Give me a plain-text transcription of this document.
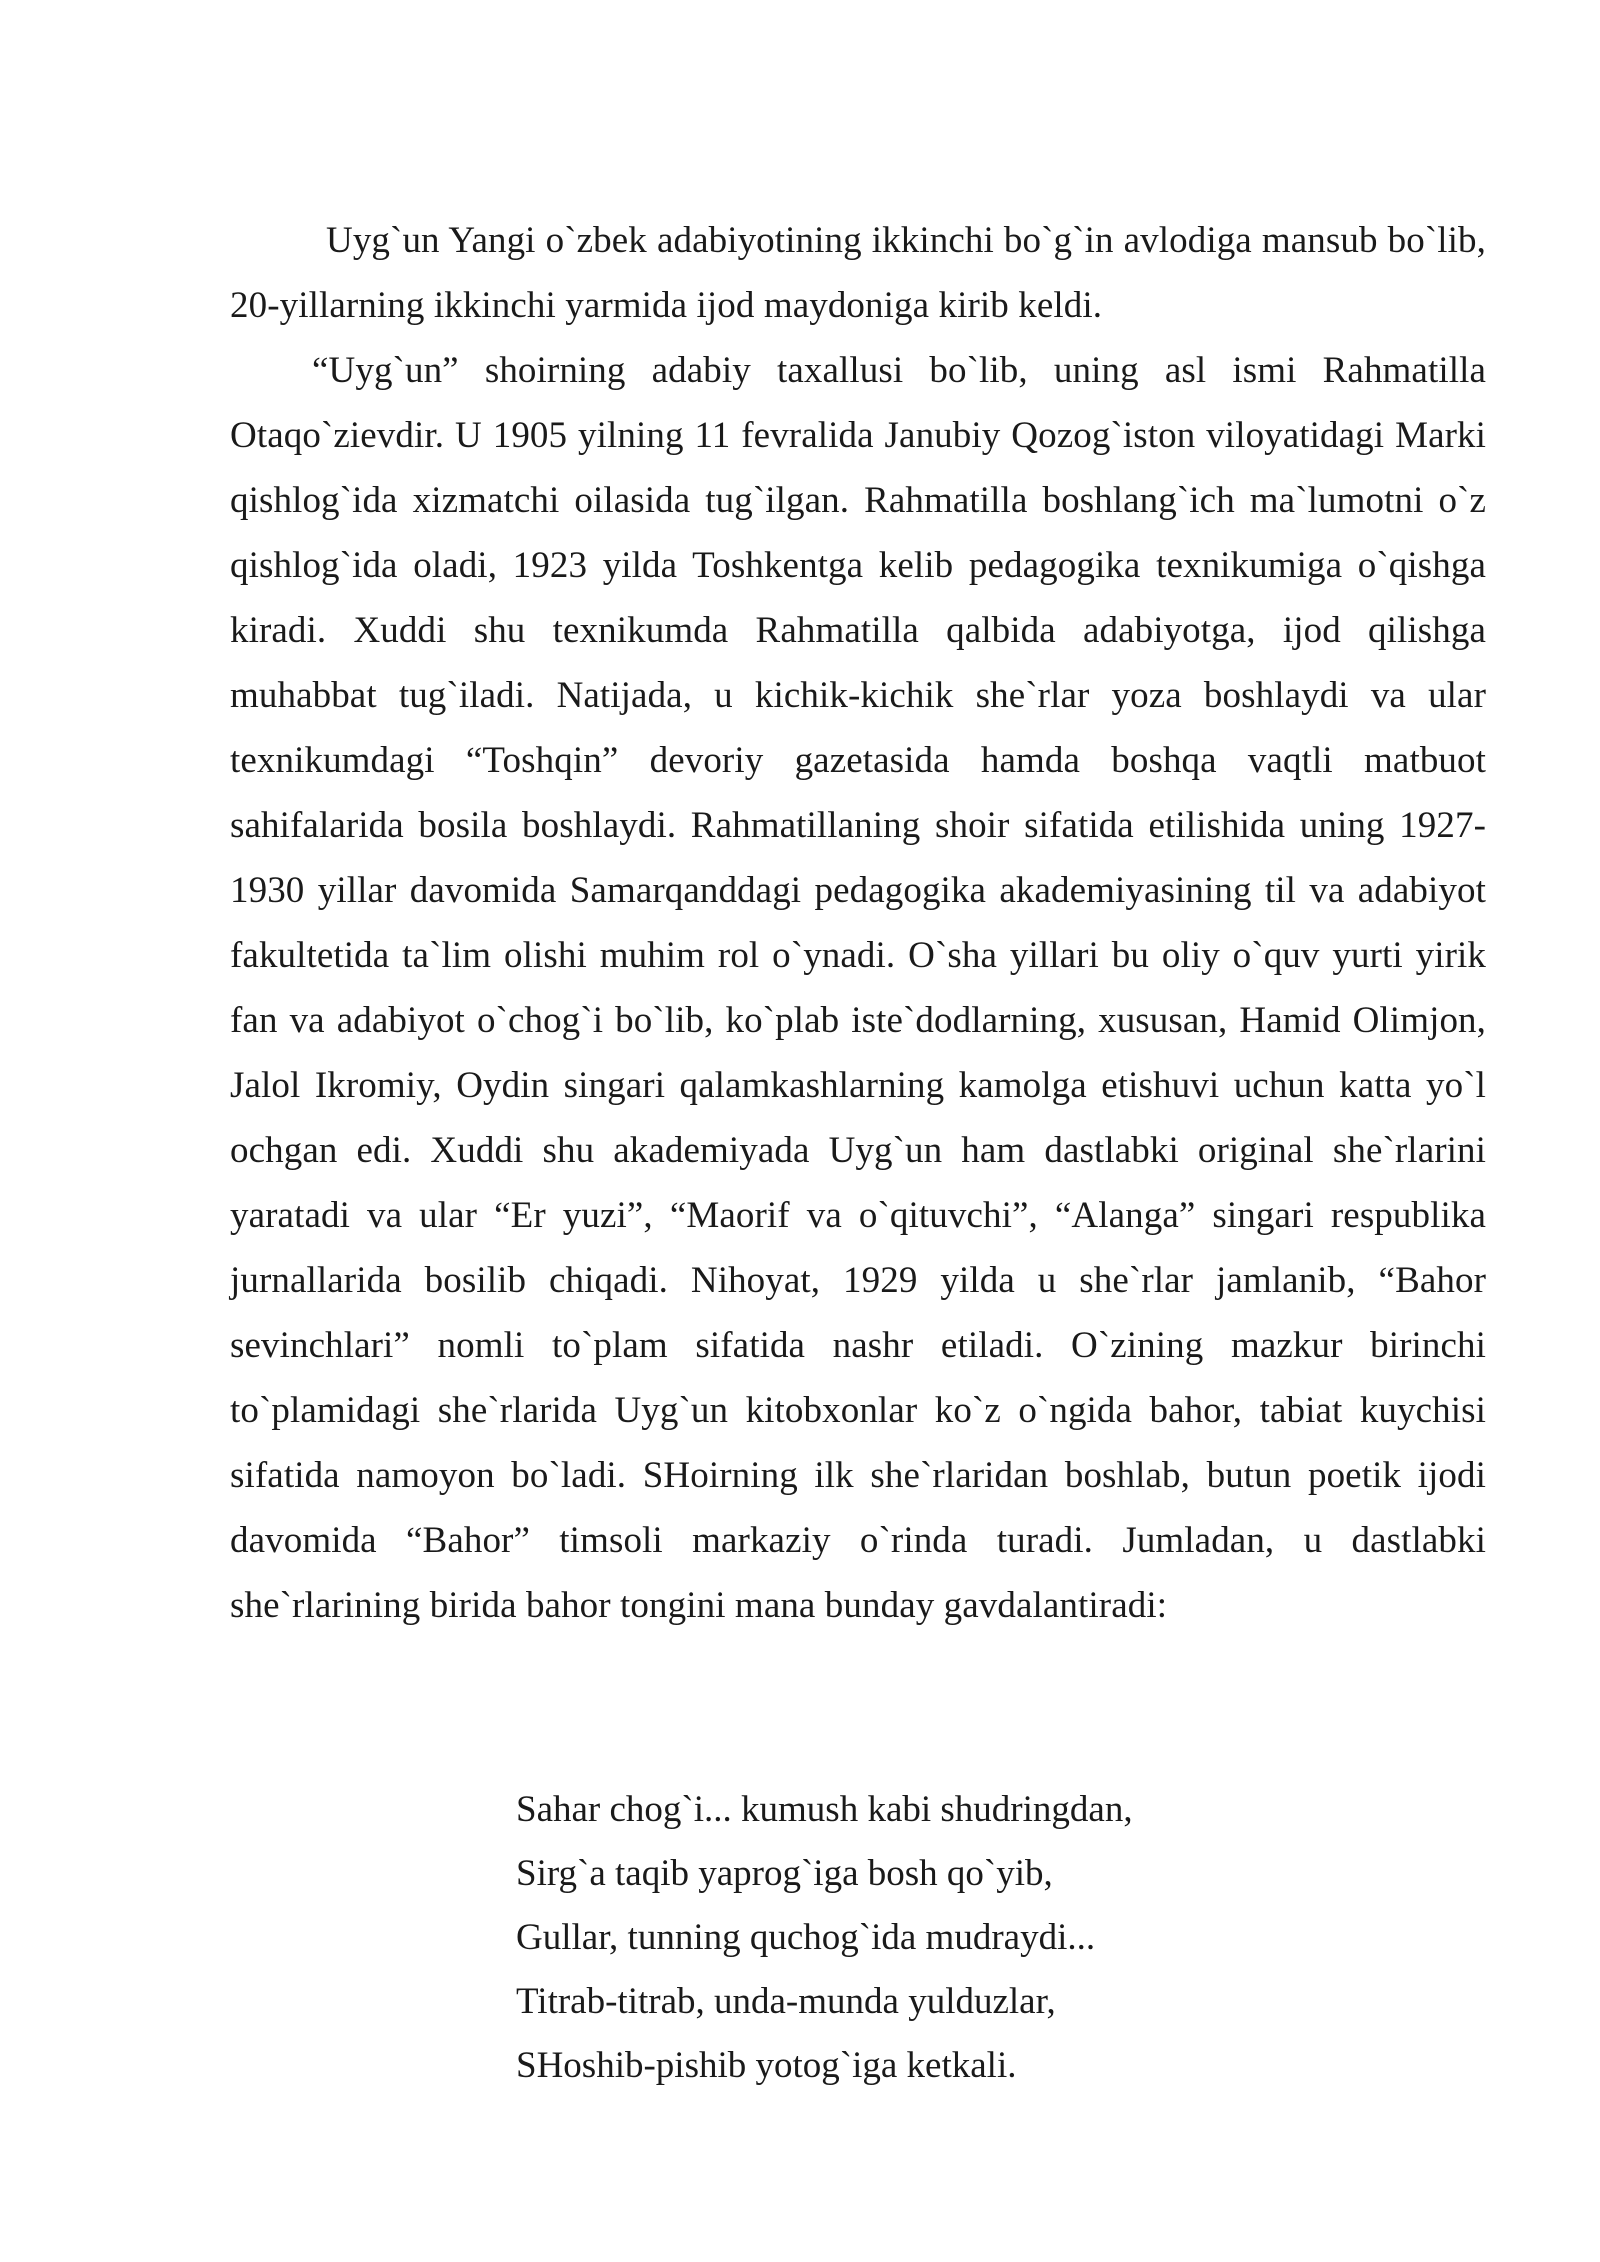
Uyg`un Yangi o`zbek adabiyotining ikkinchi bo`g`in avlodiga mansub bo`lib, 20-yillarning ikkinchi yarmida ijod maydoniga kirib keldi.

“Uyg`un” shoirning adabiy taxallusi bo`lib, uning asl ismi Rahmatilla Otaqo`zievdir. U 1905 yilning 11 fevralida Janubiy Qozog`iston viloyatidagi Marki qishlog`ida xizmatchi oilasida tug`ilgan. Rahmatilla boshlang`ich ma`lumotni o`z qishlog`ida oladi, 1923 yilda Toshkentga kelib pedagogika texnikumiga o`qishga kiradi. Xuddi shu texnikumda Rahmatilla qalbida adabiyotga, ijod qilishga muhabbat tug`iladi. Natijada, u kichik-kichik she`rlar yoza boshlaydi va ular texnikumdagi “Toshqin” devoriy gazetasida hamda boshqa vaqtli matbuot sahifalarida bosila boshlaydi. Rahmatillaning shoir sifatida etilishida uning 1927-1930 yillar davomida Samarqanddagi pedagogika akademiyasining til va adabiyot fakultetida ta`lim olishi muhim rol o`ynadi. O`sha yillari bu oliy o`quv yurti yirik fan va adabiyot o`chog`i bo`lib, ko`plab iste`dodlarning, xususan, Hamid Olimjon, Jalol Ikromiy, Oydin singari qalamkashlarning kamolga etishuvi uchun katta yo`l ochgan edi. Xuddi shu akademiyada Uyg`un ham dastlabki original she`rlarini yaratadi va ular “Er yuzi”, “Maorif va o`qituvchi”, “Alanga” singari respublika jurnallarida bosilib chiqadi. Nihoyat, 1929 yilda u she`rlar jamlanib, “Bahor sevinchlari” nomli to`plam sifatida nashr etiladi. O`zining mazkur birinchi to`plamidagi she`rlarida Uyg`un kitobxonlar ko`z o`ngida bahor, tabiat kuychisi sifatida namoyon bo`ladi. SHoirning ilk she`rlaridan boshlab, butun poetik ijodi davomida “Bahor” timsoli markaziy o`rinda turadi. Jumladan, u dastlabki she`rlarining birida bahor tongini mana bunday gavdalantiradi:

Sahar chog`i... kumush kabi shudringdan,
Sirg`a taqib yaprog`iga bosh qo`yib,
Gullar, tunning quchog`ida mudraydi...
Titrab-titrab, unda-munda yulduzlar,
SHoshib-pishib yotog`iga ketkali.
